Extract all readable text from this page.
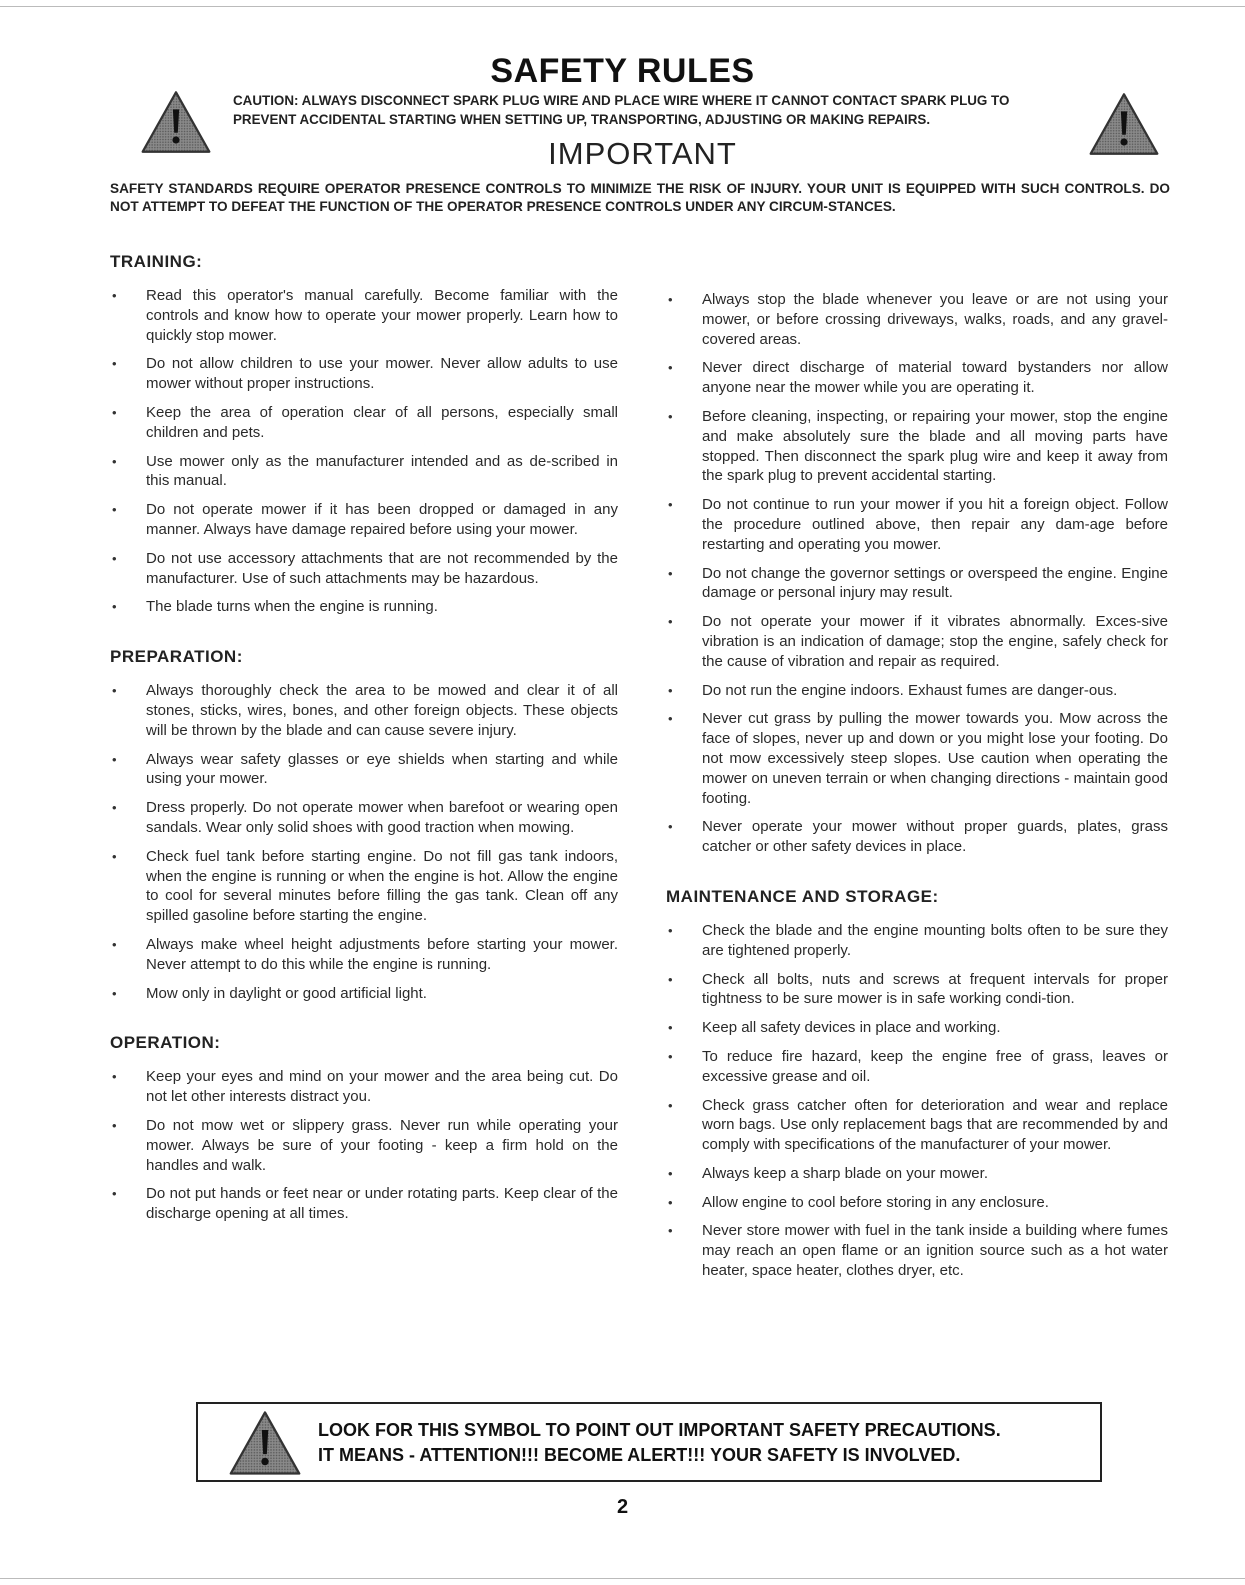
SAFETY RULES
CAUTION: ALWAYS DISCONNECT SPARK PLUG WIRE AND PLACE WIRE WHERE IT CANNOT CONTACT SPARK PLUG TO PREVENT ACCIDENTAL STARTING WHEN SETTING UP, TRANSPORTING, ADJUSTING OR MAKING REPAIRS.
IMPORTANT
SAFETY STANDARDS REQUIRE OPERATOR PRESENCE CONTROLS TO MINIMIZE THE RISK OF INJURY. YOUR UNIT IS EQUIPPED WITH SUCH CONTROLS. DO NOT ATTEMPT TO DEFEAT THE FUNCTION OF THE OPERATOR PRESENCE CONTROLS UNDER ANY CIRCUM-STANCES.
TRAINING:
• Read this operator's manual carefully. Become familiar with the controls and know how to operate your mower properly. Learn how to quickly stop mower.
• Do not allow children to use your mower. Never allow adults to use mower without proper instructions.
• Keep the area of operation clear of all persons, especially small children and pets.
• Use mower only as the manufacturer intended and as de-scribed in this manual.
• Do not operate mower if it has been dropped or damaged in any manner. Always have damage repaired before using your mower.
• Do not use accessory attachments that are not recommended by the manufacturer. Use of such attachments may be hazardous.
• The blade turns when the engine is running.
PREPARATION:
• Always thoroughly check the area to be mowed and clear it of all stones, sticks, wires, bones, and other foreign objects. These objects will be thrown by the blade and can cause severe injury.
• Always wear safety glasses or eye shields when starting and while using your mower.
• Dress properly. Do not operate mower when barefoot or wearing open sandals. Wear only solid shoes with good traction when mowing.
• Check fuel tank before starting engine. Do not fill gas tank indoors, when the engine is running or when the engine is hot. Allow the engine to cool for several minutes before filling the gas tank. Clean off any spilled gasoline before starting the engine.
• Always make wheel height adjustments before starting your mower. Never attempt to do this while the engine is running.
• Mow only in daylight or good artificial light.
OPERATION:
• Keep your eyes and mind on your mower and the area being cut. Do not let other interests distract you.
• Do not mow wet or slippery grass. Never run while operating your mower. Always be sure of your footing - keep a firm hold on the handles and walk.
• Do not put hands or feet near or under rotating parts. Keep clear of the discharge opening at all times.
• Always stop the blade whenever you leave or are not using your mower, or before crossing driveways, walks, roads, and any gravel-covered areas.
• Never direct discharge of material toward bystanders nor allow anyone near the mower while you are operating it.
• Before cleaning, inspecting, or repairing your mower, stop the engine and make absolutely sure the blade and all moving parts have stopped. Then disconnect the spark plug wire and keep it away from the spark plug to prevent accidental starting.
• Do not continue to run your mower if you hit a foreign object. Follow the procedure outlined above, then repair any dam-age before restarting and operating you mower.
• Do not change the governor settings or overspeed the engine. Engine damage or personal injury may result.
• Do not operate your mower if it vibrates abnormally. Exces-sive vibration is an indication of damage; stop the engine, safely check for the cause of vibration and repair as required.
• Do not run the engine indoors. Exhaust fumes are danger-ous.
• Never cut grass by pulling the mower towards you. Mow across the face of slopes, never up and down or you might lose your footing. Do not mow excessively steep slopes. Use caution when operating the mower on uneven terrain or when changing directions - maintain good footing.
• Never operate your mower without proper guards, plates, grass catcher or other safety devices in place.
MAINTENANCE AND STORAGE:
• Check the blade and the engine mounting bolts often to be sure they are tightened properly.
• Check all bolts, nuts and screws at frequent intervals for proper tightness to be sure mower is in safe working condi-tion.
• Keep all safety devices in place and working.
• To reduce fire hazard, keep the engine free of grass, leaves or excessive grease and oil.
• Check grass catcher often for deterioration and wear and replace worn bags. Use only replacement bags that are recommended by and comply with specifications of the manufacturer of your mower.
• Always keep a sharp blade on your mower.
• Allow engine to cool before storing in any enclosure.
• Never store mower with fuel in the tank inside a building where fumes may reach an open flame or an ignition source such as a hot water heater, space heater, clothes dryer, etc.
LOOK FOR THIS SYMBOL TO POINT OUT IMPORTANT SAFETY PRECAUTIONS.
IT MEANS - ATTENTION!!! BECOME ALERT!!! YOUR SAFETY IS INVOLVED.
2
